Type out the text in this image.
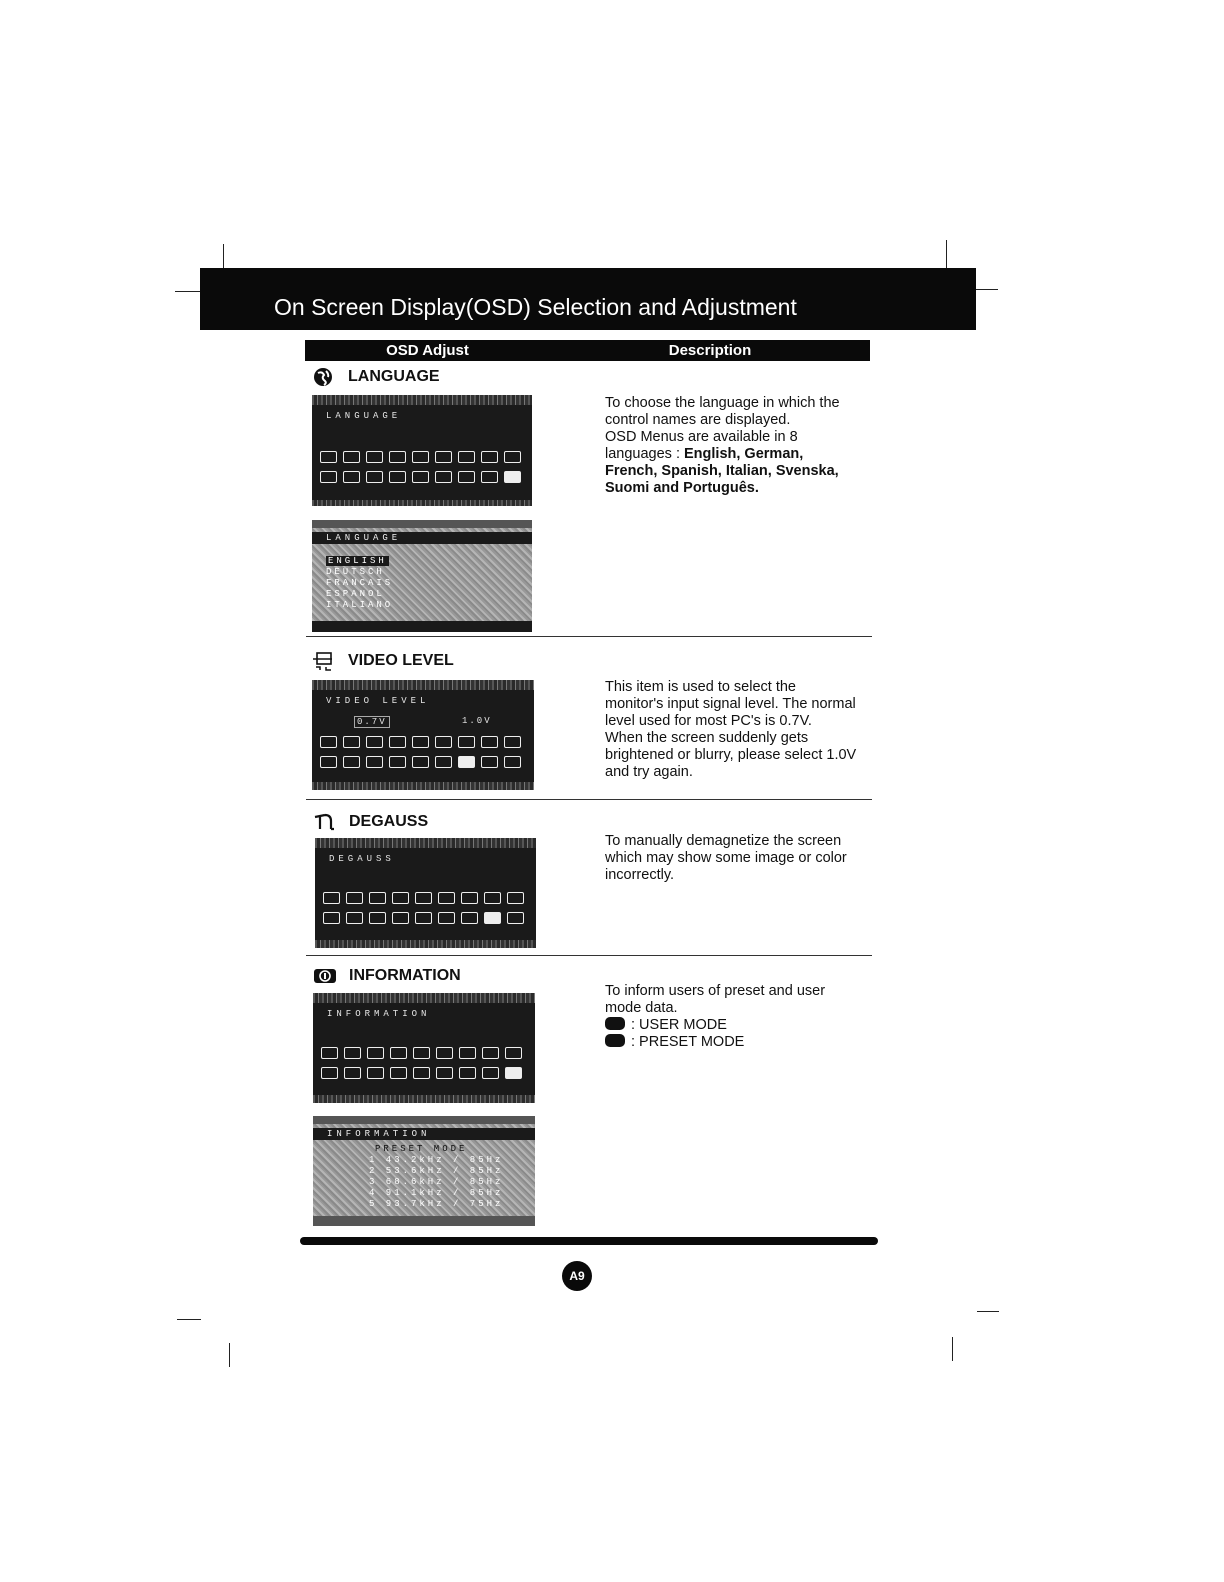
On Screen Display(OSD) Selection and Adjustment
OSD Adjust	Description
LANGUAGE
LANGUAGE
LANGUAGE
ENGLISH
DEUTSCH
FRANCAIS
ESPANOL
ITALIANO
To choose the language in which the
control names are displayed.
OSD Menus are available in 8
languages : English, German,
French, Spanish, Italian, Svenska,
Suomi and Português.
VIDEO LEVEL
VIDEO LEVEL
0.7V	1.0V
This item is used to select the
monitor's input signal level. The normal
level used for most PC's is 0.7V.
When the screen suddenly gets
brightened or blurry, please select 1.0V
and try again.
DEGAUSS
DEGAUSS
To manually demagnetize the screen
which may show some image or color
incorrectly.
INFORMATION
INFORMATION
INFORMATION
PRESET MODE
1 43.2kHz / 85Hz
2 53.6kHz / 85Hz
3 68.6kHz / 85Hz
4 91.1kHz / 85Hz
5 93.7kHz / 75Hz
To inform users of preset and user
mode data.
: USER MODE
: PRESET MODE
A9
